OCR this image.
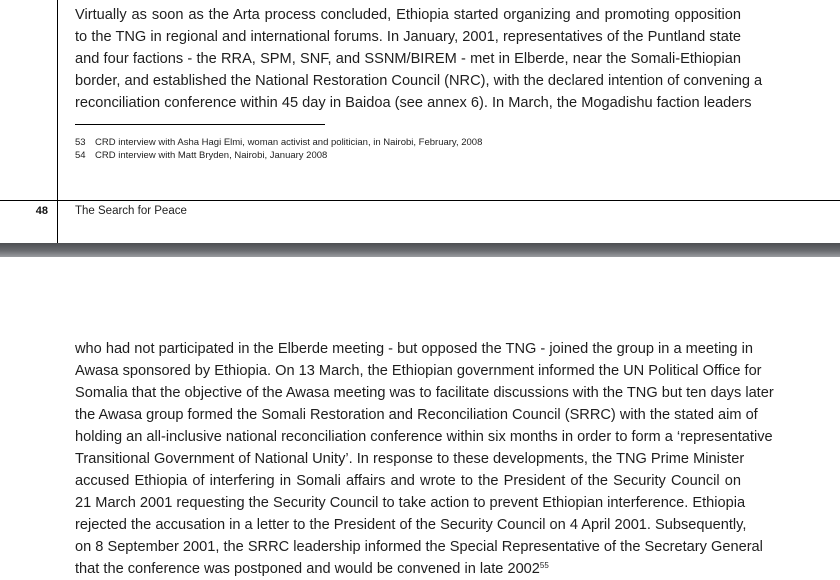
Virtually as soon as the Arta process concluded, Ethiopia started organizing and promoting opposition
to the TNG in regional and international forums. In January, 2001, representatives of the Puntland state
and four factions - the RRA, SPM, SNF, and SSNM/BIREM - met in Elberde, near the Somali-Ethiopian
border, and established the National Restoration Council (NRC), with the declared intention of convening a
reconciliation conference within 45 day in Baidoa (see annex 6). In March, the Mogadishu faction leaders
53 CRD interview with Asha Hagi Elmi, woman activist and politician, in Nairobi, February, 2008
54 CRD interview with Matt Bryden, Nairobi, January 2008
48 The Search for Peace
who had not participated in the Elberde meeting - but opposed the TNG - joined the group in a meeting in
Awasa sponsored by Ethiopia. On 13 March, the Ethiopian government informed the UN Political Office for
Somalia that the objective of the Awasa meeting was to facilitate discussions with the TNG but ten days later
the Awasa group formed the Somali Restoration and Reconciliation Council (SRRC) with the stated aim of
holding an all-inclusive national reconciliation conference within six months in order to form a ‘representative
Transitional Government of National Unity’. In response to these developments, the TNG Prime Minister
accused Ethiopia of interfering in Somali affairs and wrote to the President of the Security Council on
21 March 2001 requesting the Security Council to take action to prevent Ethiopian interference. Ethiopia
rejected the accusation in a letter to the President of the Security Council on 4 April 2001. Subsequently,
on 8 September 2001, the SRRC leadership informed the Special Representative of the Secretary General
that the conference was postponed and would be convened in late 2002$^{55}$
